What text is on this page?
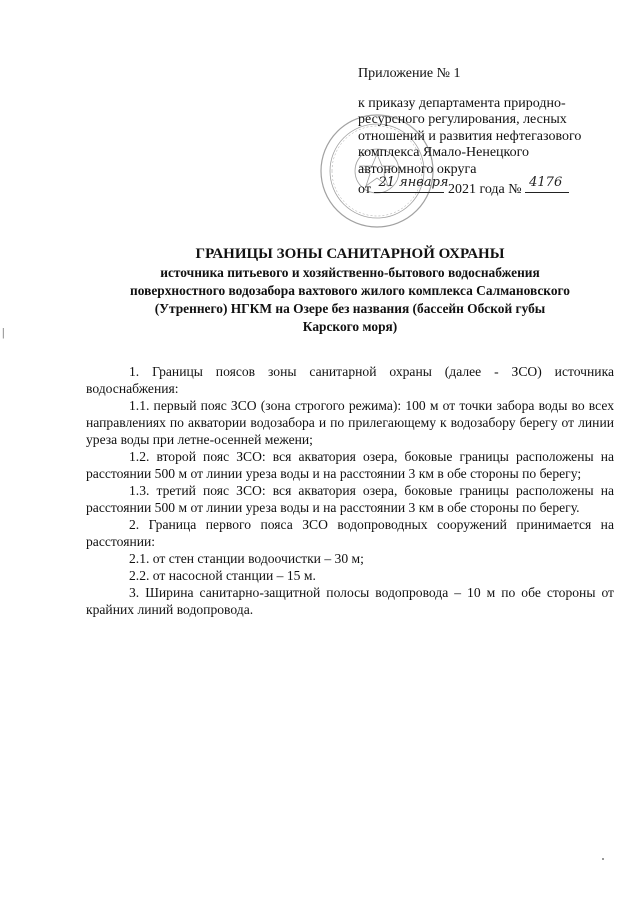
|
Приложение № 1
к приказу департамента природно-
ресурсного регулирования, лесных
отношений и развития нефтегазового
комплекса Ямало-Ненецкого
автономного округа
от 21 января 2021 года № 4176
ГРАНИЦЫ ЗОНЫ САНИТАРНОЙ ОХРАНЫ
источника питьевого и хозяйственно-бытового водоснабжения
поверхностного водозабора вахтового жилого комплекса Салмановского
(Утреннего) НГКМ на Озере без названия (бассейн Обской губы
Карского моря)

1. Границы поясов зоны санитарной охраны (далее - ЗСО) источника водоснабжения:

1.1. первый пояс ЗСО (зона строгого режима): 100 м от точки забора воды во всех направлениях по акватории водозабора и по прилегающему к водозабору берегу от линии уреза воды при летне-осенней межени;

1.2. второй пояс ЗСО: вся акватория озера, боковые границы расположены на расстоянии 500 м от линии уреза воды и на расстоянии 3 км в обе стороны по берегу;

1.3. третий пояс ЗСО: вся акватория озера, боковые границы расположены на расстоянии 500 м от линии уреза воды и на расстоянии 3 км в обе стороны по берегу.

2. Граница первого пояса ЗСО водопроводных сооружений принимается на расстоянии:

2.1. от стен станции водоочистки – 30 м;

2.2. от насосной станции – 15 м.

3. Ширина санитарно-защитной полосы водопровода – 10 м по обе стороны от крайних линий водопровода.
